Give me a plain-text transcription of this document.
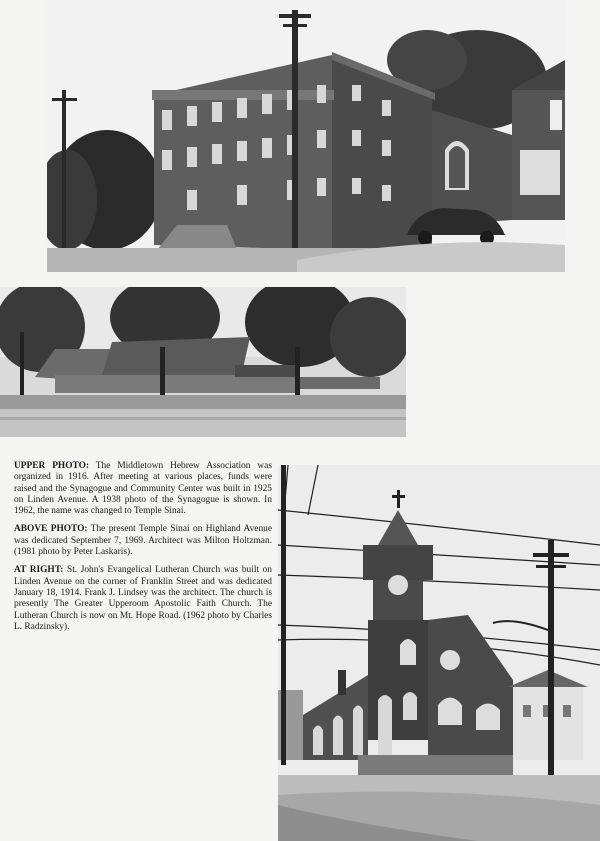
UPPER PHOTO: The Middletown Hebrew Association was organized in 1916. After meeting at various places, funds were raised and the Synagogue and Community Center was built in 1925 on Linden Avenue. A 1938 photo of the Synagogue is shown. In 1962, the name was changed to Temple Sinai.

ABOVE PHOTO: The present Temple Sinai on Highland Avenue was dedicated September 7, 1969. Architect was Milton Holtzman. (1981 photo by Peter Laskaris).

AT RIGHT: St. John's Evangelical Lutheran Church was built on Linden Avenue on the corner of Franklin Street and was dedicated January 18, 1914. Frank J. Lindsey was the architect. The church is presently The Greater Upperoom Apostolic Faith Church. The Lutheran Church is now on Mt. Hope Road. (1962 photo by Charles L. Radzinsky).
